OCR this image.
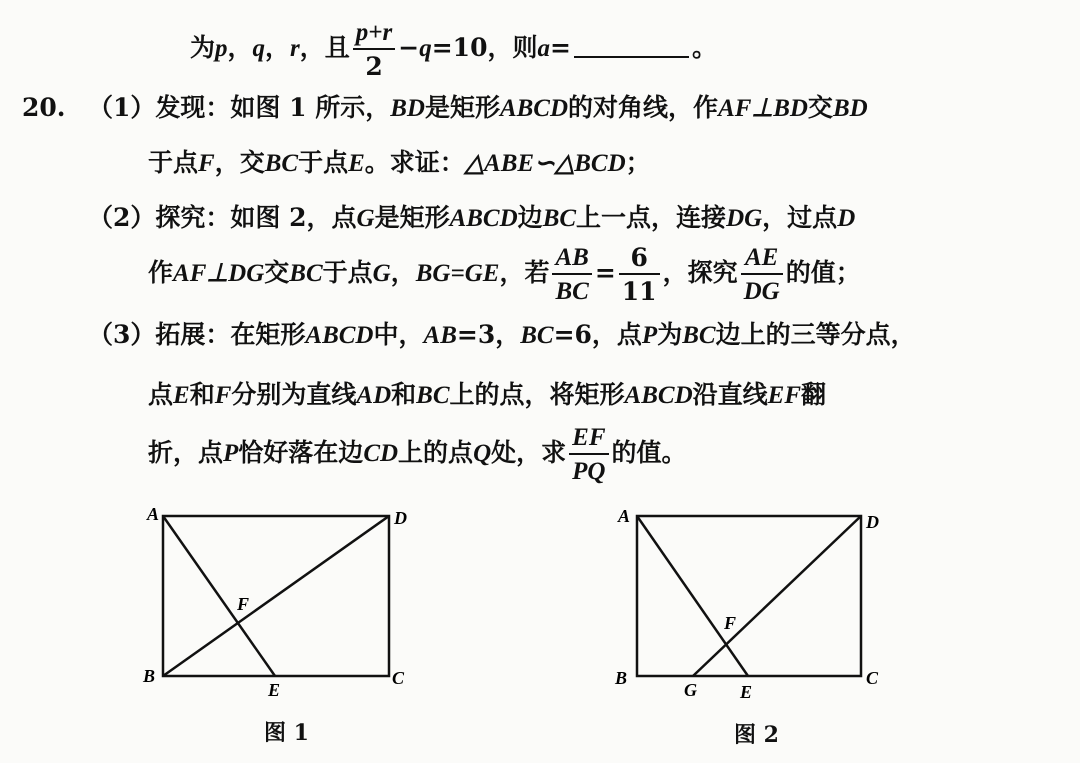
为p，q，r，且 $\frac{p+r}{2} -q=10$，则a=	。
20. （1）发现：如图 1 所示，BD是矩形ABCD的对角线，作AF⊥BD交BD
于点F，交BC于点E。求证：△ABE∽△BCD；
（2）探究：如图 2，点G是矩形ABCD边BC上一点，连接DG，过点D
作AF⊥DG交BC于点G，BG=GE，若 $\frac{AB}{BC} = \frac{6}{11}$ ，探究 $\frac{AE}{DG}$ 的值；
（3）拓展：在矩形ABCD中，AB=3，BC=6，点P为BC边上的三等分点，
点E和F分别为直线AD和BC上的点，将矩形ABCD沿直线EF翻
折，点P恰好落在边CD上的点Q处，求 $\frac{EF}{PQ}$ 的值。
A	D
B	C
F
E
A	D
B	C
F
G E
图 1	图 2
